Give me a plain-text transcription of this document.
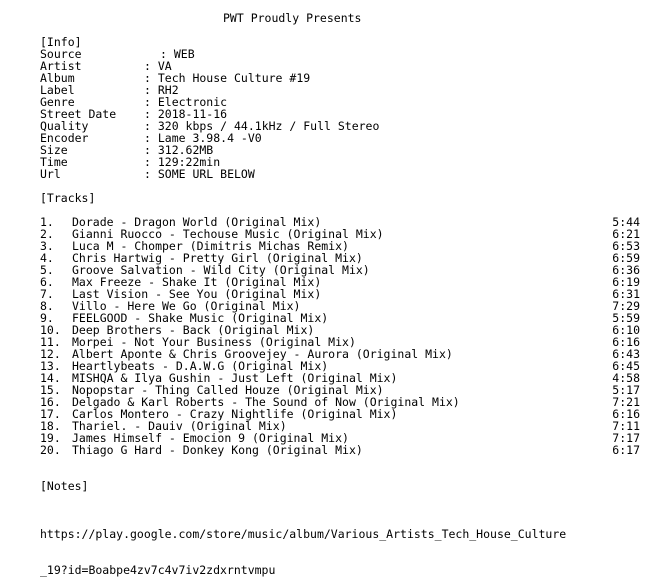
PWT Proudly Presents
[Info]
Source	: WEB
Artist	: VA
Album	: Tech House Culture #19
Label	: RH2
Genre	: Electronic
Street Date : 2018-11-16
Quality	: 320 kbps / 44.1kHz / Full Stereo
Encoder	: Lame 3.98.4 -V0
Size	: 312.62MB
Time	: 129:22min
Url	: SOME URL BELOW
[Tracks]
1. Dorade - Dragon World (Original Mix)	5:44
2. Gianni Ruocco - Techouse Music (Original Mix)	6:21
3. Luca M - Chomper (Dimitris Michas Remix)	6:53
4. Chris Hartwig - Pretty Girl (Original Mix)	6:59
5. Groove Salvation - Wild City (Original Mix)	6:36
6. Max Freeze - Shake It (Original Mix)	6:19
7. Last Vision - See You (Original Mix)	6:31
8. Villo - Here We Go (Original Mix)	7:29
9. FEELGOOD - Shake Music (Original Mix)	5:59
10. Deep Brothers - Back (Original Mix)	6:10
11. Morpei - Not Your Business (Original Mix)	6:16
12. Albert Aponte & Chris Groovejey - Aurora (Original Mix)	6:43
13. Heartlybeats - D.A.W.G (Original Mix)	6:45
14. MISHQA & Ilya Gushin - Just Left (Original Mix)	4:58
15. Nopopstar - Thing Called Houze (Original Mix)	5:17
16. Delgado & Karl Roberts - The Sound of Now (Original Mix)	7:21
17. Carlos Montero - Crazy Nightlife (Original Mix)	6:16
18. Thariel. - Dauiv (Original Mix)	7:11
19. James Himself - Emocion 9 (Original Mix)	7:17
20. Thiago G Hard - Donkey Kong (Original Mix)	6:17
[Notes]

https://play.google.com/store/music/album/Various_Artists_Tech_House_Culture

_19?id=Boabpe4zv7c4v7iv2zdxrntvmpu
